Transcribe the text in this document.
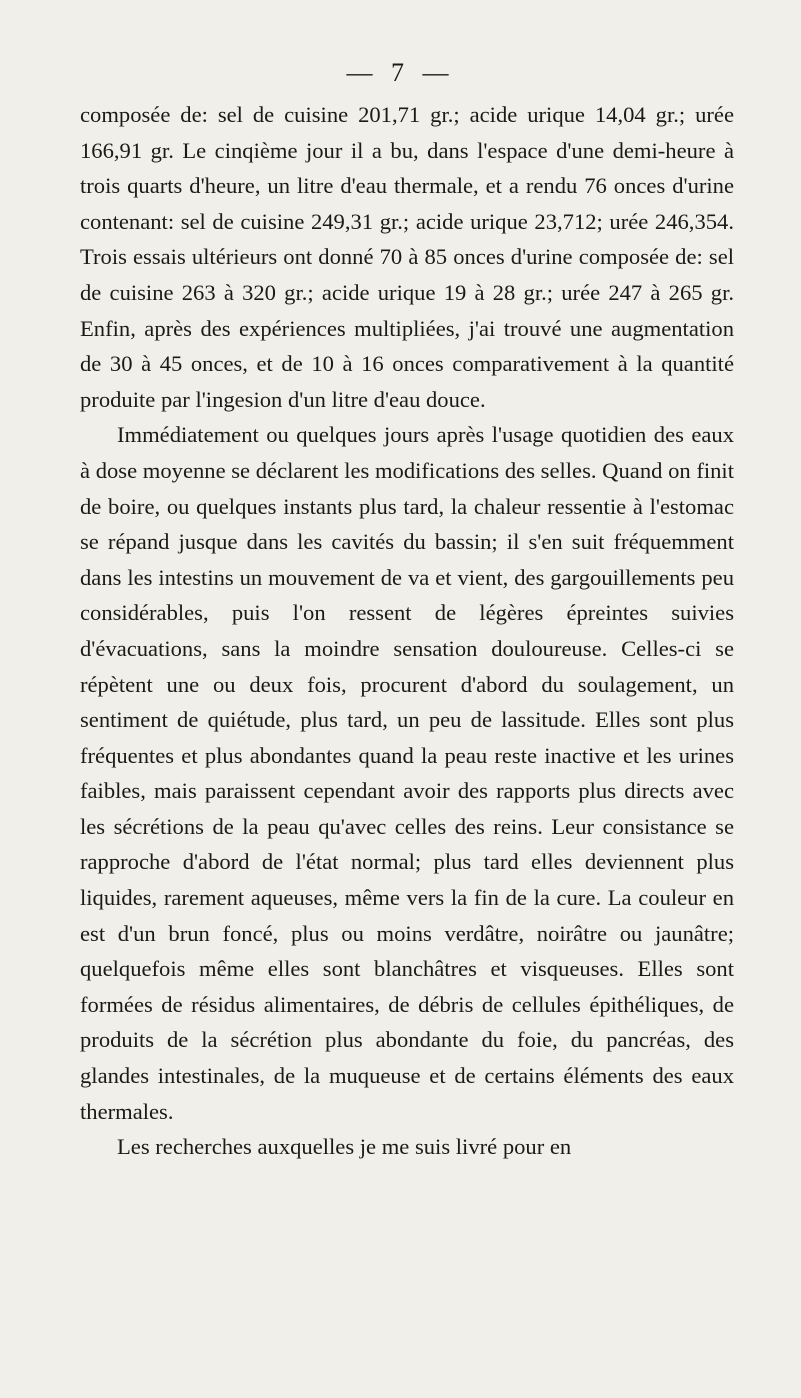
— 7 —

composée de: sel de cuisine 201,71 gr.; acide urique 14,04 gr.; urée 166,91 gr. Le cinqième jour il a bu, dans l'espace d'une demi-heure à trois quarts d'heure, un litre d'eau thermale, et a rendu 76 onces d'urine contenant: sel de cuisine 249,31 gr.; acide urique 23,712; urée 246,354. Trois essais ultérieurs ont donné 70 à 85 onces d'urine composée de: sel de cuisine 263 à 320 gr.; acide urique 19 à 28 gr.; urée 247 à 265 gr. Enfin, après des expériences multipliées, j'ai trouvé une augmentation de 30 à 45 onces, et de 10 à 16 onces comparativement à la quantité produite par l'ingesion d'un litre d'eau douce.

Immédiatement ou quelques jours après l'usage quotidien des eaux à dose moyenne se déclarent les modifications des selles. Quand on finit de boire, ou quelques instants plus tard, la chaleur ressentie à l'estomac se répand jusque dans les cavités du bassin; il s'en suit fréquemment dans les intestins un mouvement de va et vient, des gargouillements peu considérables, puis l'on ressent de légères épreintes suivies d'évacuations, sans la moindre sensation douloureuse. Celles-ci se répètent une ou deux fois, procurent d'abord du soulagement, un sentiment de quiétude, plus tard, un peu de lassitude. Elles sont plus fréquentes et plus abondantes quand la peau reste inactive et les urines faibles, mais paraissent cependant avoir des rapports plus directs avec les sécrétions de la peau qu'avec celles des reins. Leur consistance se rapproche d'abord de l'état normal; plus tard elles deviennent plus liquides, rarement aqueuses, même vers la fin de la cure. La couleur en est d'un brun foncé, plus ou moins verdâtre, noirâtre ou jaunâtre; quelquefois même elles sont blanchâtres et visqueuses. Elles sont formées de résidus alimentaires, de débris de cellules épithéliques, de produits de la sécrétion plus abondante du foie, du pancréas, des glandes intestinales, de la muqueuse et de certains éléments des eaux thermales.

Les recherches auxquelles je me suis livré pour en
